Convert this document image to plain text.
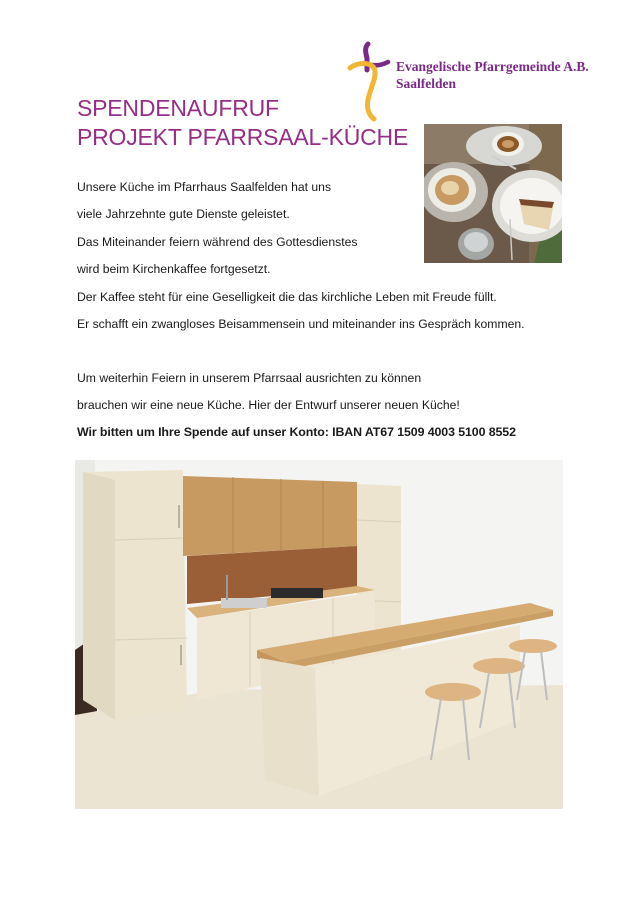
Evangelische Pfarrgemeinde A.B.
Saalfelden
SPENDENAUFRUF
PROJEKT PFARRSAAL-KÜCHE
Unsere Küche im Pfarrhaus Saalfelden hat uns
viele Jahrzehnte gute Dienste geleistet.
Das Miteinander feiern während des Gottesdienstes
wird beim Kirchenkaffee fortgesetzt.
Der Kaffee steht für eine Geselligkeit die das kirchliche Leben mit Freude füllt.
Er schafft ein zwangloses Beisammensein und miteinander ins Gespräch kommen.
Um weiterhin Feiern in unserem Pfarrsaal ausrichten zu können
brauchen wir eine neue Küche. Hier der Entwurf unserer neuen Küche!
Wir bitten um Ihre Spende auf unser Konto: IBAN AT67 1509 4003 5100 8552
